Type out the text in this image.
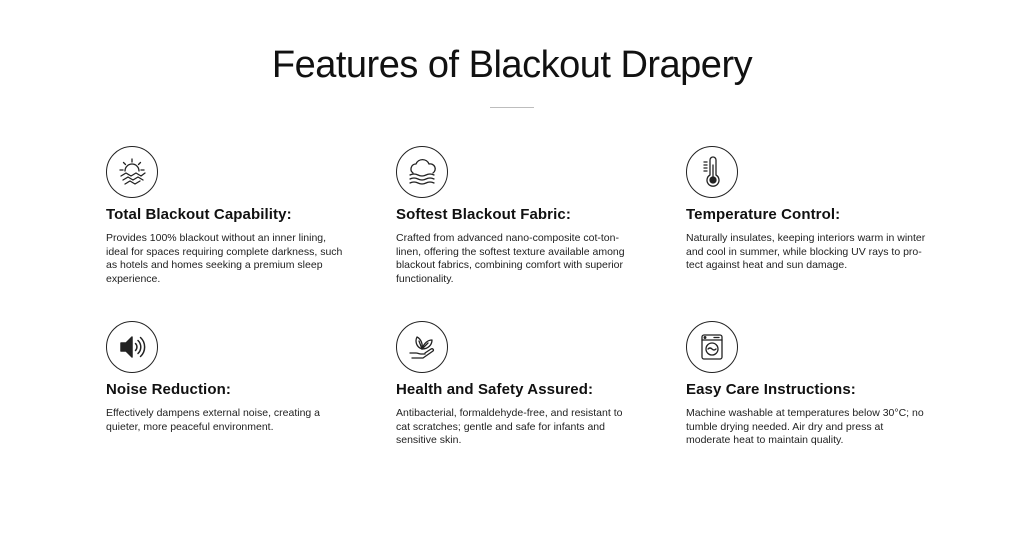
Features of Blackout Drapery
Total Blackout Capability:

Provides 100% blackout without an inner lining, ideal for spaces requiring complete darkness, such as hotels and homes seeking a premium sleep experience.

Softest Blackout Fabric:

Crafted from advanced nano-composite cot-ton-linen, offering the softest texture available among blackout fabrics, combining comfort with superior functionality.

Temperature Control:

Naturally insulates, keeping interiors warm in winter and cool in summer, while blocking UV rays to pro-tect against heat and sun damage.

Noise Reduction:

Effectively dampens external noise, creating a quieter, more peaceful environment.

Health and Safety Assured:

Antibacterial, formaldehyde-free, and resistant to cat scratches; gentle and safe for infants and sensitive skin.

Easy Care Instructions:

Machine washable at temperatures below 30°C; no tumble drying needed. Air dry and press at moderate heat to maintain quality.
